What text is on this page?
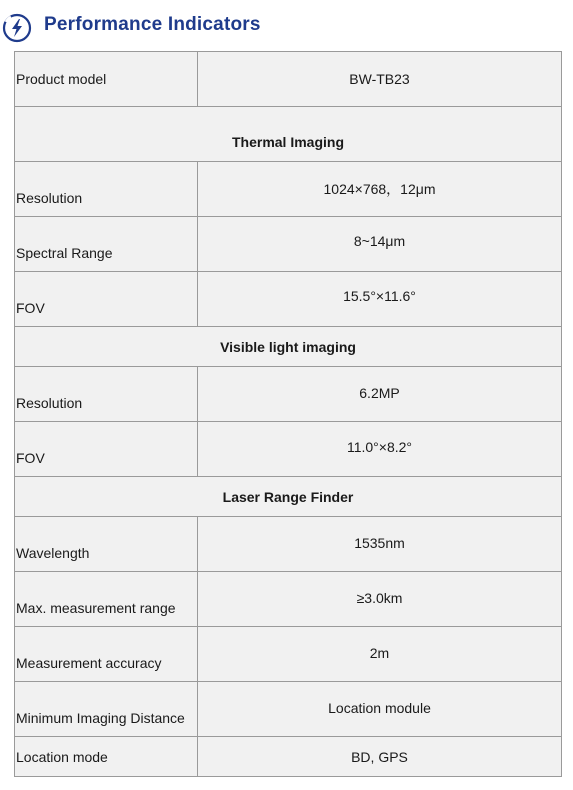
Performance Indicators
Product model	BW-TB23
Thermal Imaging	

Resolution	1024×768，12μm

Spectral Range	8~14μm

FOV	15.5°×11.6°
Visible light imaging	

Resolution	6.2MP

FOV	11.0°×8.2°
Laser Range Finder	

Wavelength	1535nm

Max. measurement range	≥3.0km

Measurement accuracy	2m

Minimum Imaging Distance	Location module

Location mode	BD, GPS
